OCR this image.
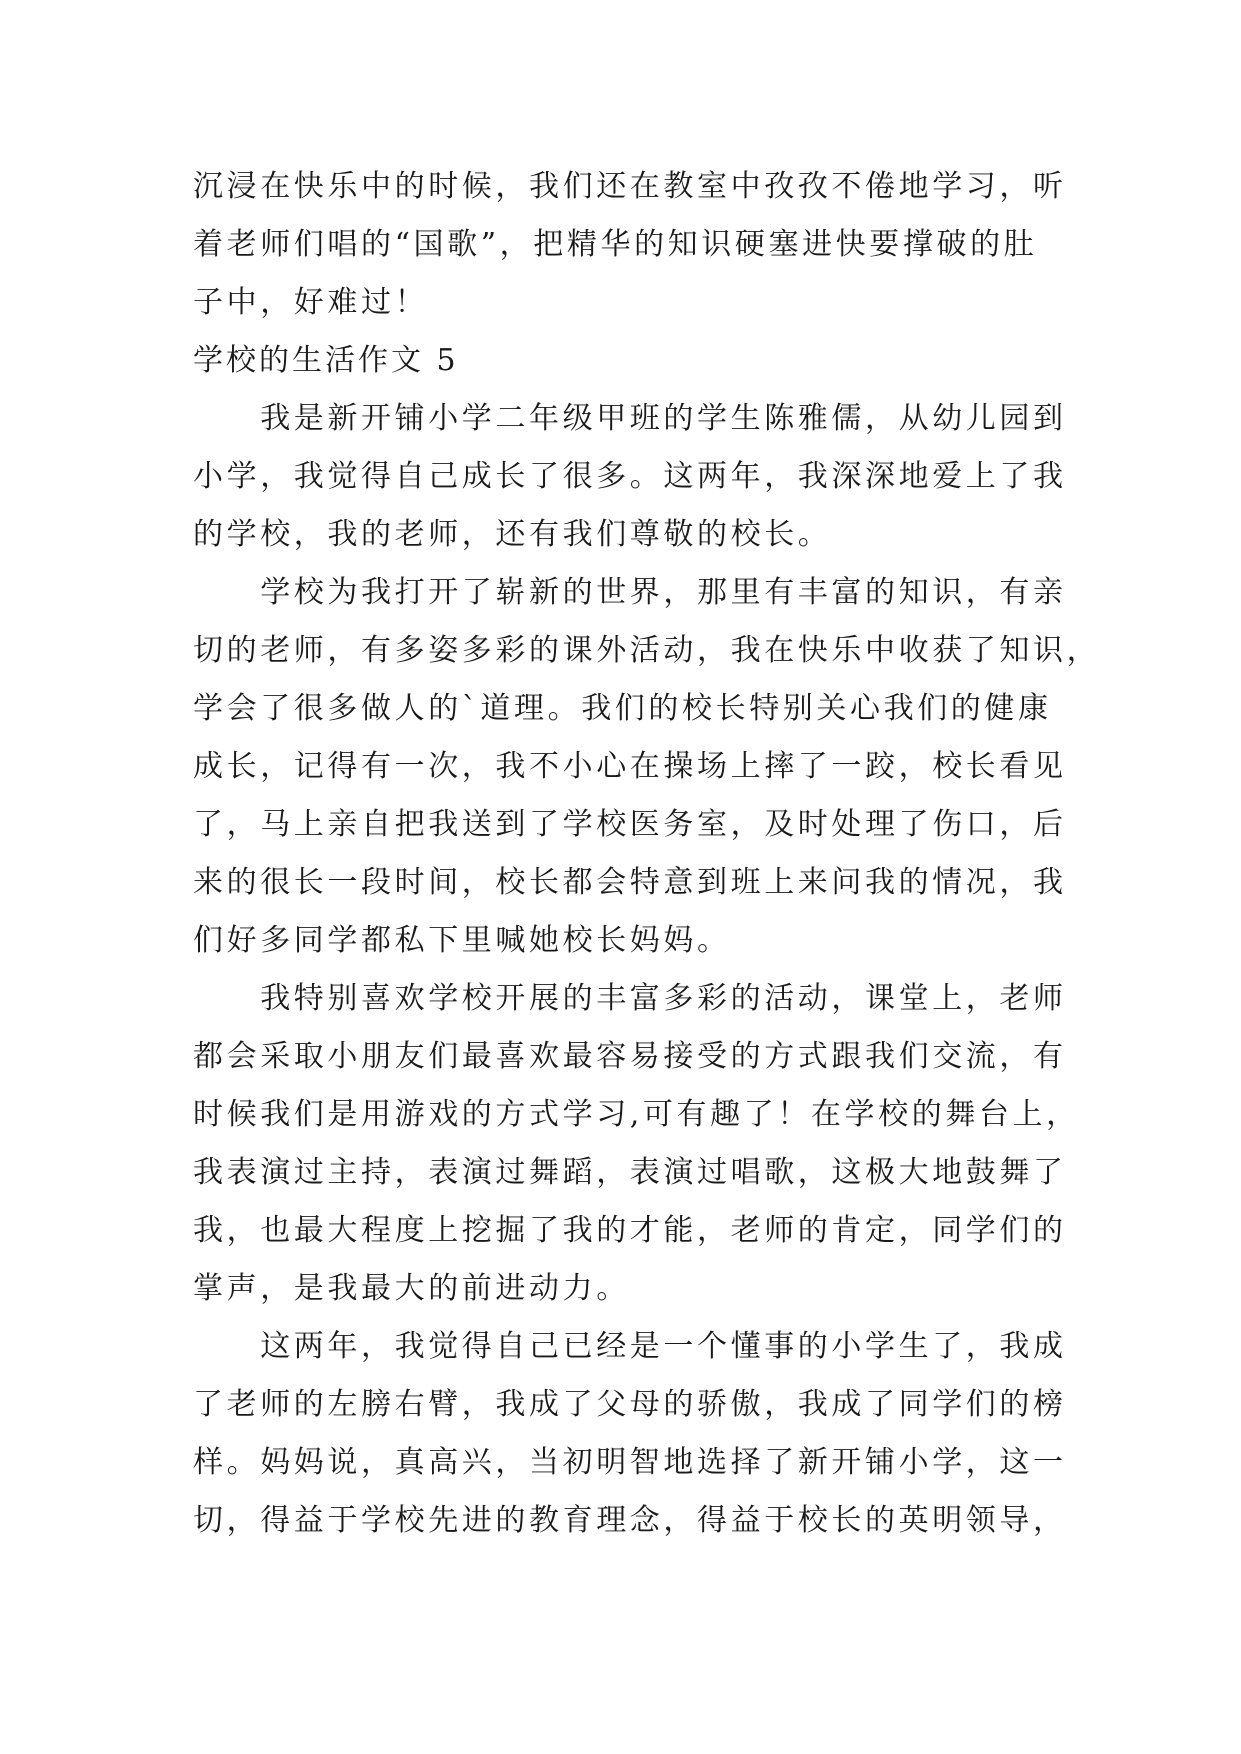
沉浸在快乐中的时候，我们还在教室中孜孜不倦地学习，听
着老师们唱的“国歌”，把精华的知识硬塞进快要撑破的肚
子中，好难过！
学校的生活作文 5
　　我是新开铺小学二年级甲班的学生陈雅儒，从幼儿园到
小学，我觉得自己成长了很多。这两年，我深深地爱上了我
的学校，我的老师，还有我们尊敬的校长。
　　学校为我打开了崭新的世界，那里有丰富的知识，有亲
切的老师，有多姿多彩的课外活动，我在快乐中收获了知识，
学会了很多做人的`道理。我们的校长特别关心我们的健康
成长，记得有一次，我不小心在操场上摔了一跤，校长看见
了，马上亲自把我送到了学校医务室，及时处理了伤口，后
来的很长一段时间，校长都会特意到班上来问我的情况，我
们好多同学都私下里喊她校长妈妈。
　　我特别喜欢学校开展的丰富多彩的活动，课堂上，老师
都会采取小朋友们最喜欢最容易接受的方式跟我们交流，有
时候我们是用游戏的方式学习,可有趣了！在学校的舞台上，
我表演过主持，表演过舞蹈，表演过唱歌，这极大地鼓舞了
我，也最大程度上挖掘了我的才能，老师的肯定，同学们的
掌声，是我最大的前进动力。
　　这两年，我觉得自己已经是一个懂事的小学生了，我成
了老师的左膀右臂，我成了父母的骄傲，我成了同学们的榜
样。妈妈说，真高兴，当初明智地选择了新开铺小学，这一
切，得益于学校先进的教育理念，得益于校长的英明领导，
